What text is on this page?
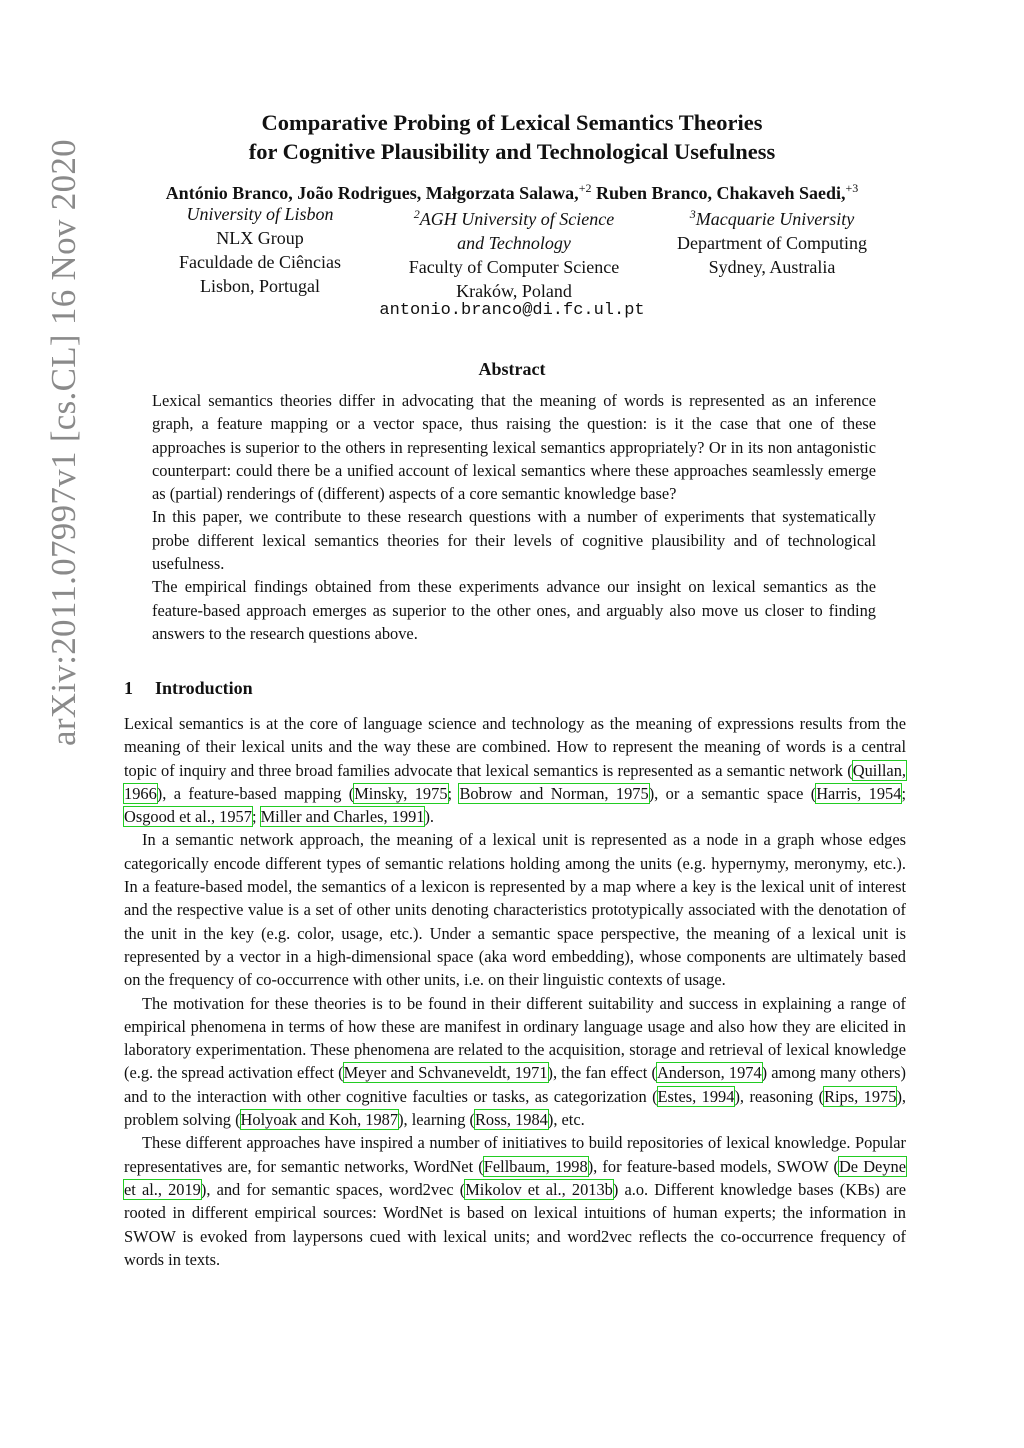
arXiv:2011.07997v1 [cs.CL] 16 Nov 2020
Comparative Probing of Lexical Semantics Theories
for Cognitive Plausibility and Technological Usefulness
António Branco, João Rodrigues, Małgorzata Salawa,$^{+2}$ Ruben Branco, Chakaveh Saedi,$^{+3}$
University of Lisbon
NLX Group
Faculdade de Ciências
Lisbon, Portugal
$^2$AGH University of Science
and Technology
Faculty of Computer Science
Kraków, Poland
$^3$Macquarie University
Department of Computing
Sydney, Australia
antonio.branco@di.fc.ul.pt
Abstract

Lexical semantics theories differ in advocating that the meaning of words is represented as an inference graph, a feature mapping or a vector space, thus raising the question: is it the case that one of these approaches is superior to the others in representing lexical semantics appropriately? Or in its non antagonistic counterpart: could there be a unified account of lexical semantics where these approaches seamlessly emerge as (partial) renderings of (different) aspects of a core semantic knowledge base?

In this paper, we contribute to these research questions with a number of experiments that systematically probe different lexical semantics theories for their levels of cognitive plausibility and of technological usefulness.

The empirical findings obtained from these experiments advance our insight on lexical semantics as the feature-based approach emerges as superior to the other ones, and arguably also move us closer to finding answers to the research questions above.

1 Introduction

Lexical semantics is at the core of language science and technology as the meaning of expressions results from the meaning of their lexical units and the way these are combined. How to represent the meaning of words is a central topic of inquiry and three broad families advocate that lexical semantics is represented as a semantic network (Quillan, 1966), a feature-based mapping (Minsky, 1975; Bobrow and Norman, 1975), or a semantic space (Harris, 1954; Osgood et al., 1957; Miller and Charles, 1991).

In a semantic network approach, the meaning of a lexical unit is represented as a node in a graph whose edges categorically encode different types of semantic relations holding among the units (e.g. hypernymy, meronymy, etc.). In a feature-based model, the semantics of a lexicon is represented by a map where a key is the lexical unit of interest and the respective value is a set of other units denoting characteristics prototypically associated with the denotation of the unit in the key (e.g. color, usage, etc.). Under a semantic space perspective, the meaning of a lexical unit is represented by a vector in a high-dimensional space (aka word embedding), whose components are ultimately based on the frequency of co-occurrence with other units, i.e. on their linguistic contexts of usage.

The motivation for these theories is to be found in their different suitability and success in explaining a range of empirical phenomena in terms of how these are manifest in ordinary language usage and also how they are elicited in laboratory experimentation. These phenomena are related to the acquisition, storage and retrieval of lexical knowledge (e.g. the spread activation effect (Meyer and Schvaneveldt, 1971), the fan effect (Anderson, 1974) among many others) and to the interaction with other cognitive faculties or tasks, as categorization (Estes, 1994), reasoning (Rips, 1975), problem solving (Holyoak and Koh, 1987), learning (Ross, 1984), etc.

These different approaches have inspired a number of initiatives to build repositories of lexical knowledge. Popular representatives are, for semantic networks, WordNet (Fellbaum, 1998), for feature-based models, SWOW (De Deyne et al., 2019), and for semantic spaces, word2vec (Mikolov et al., 2013b) a.o. Different knowledge bases (KBs) are rooted in different empirical sources: WordNet is based on lexical intuitions of human experts; the information in SWOW is evoked from laypersons cued with lexical units; and word2vec reflects the co-occurrence frequency of words in texts.
